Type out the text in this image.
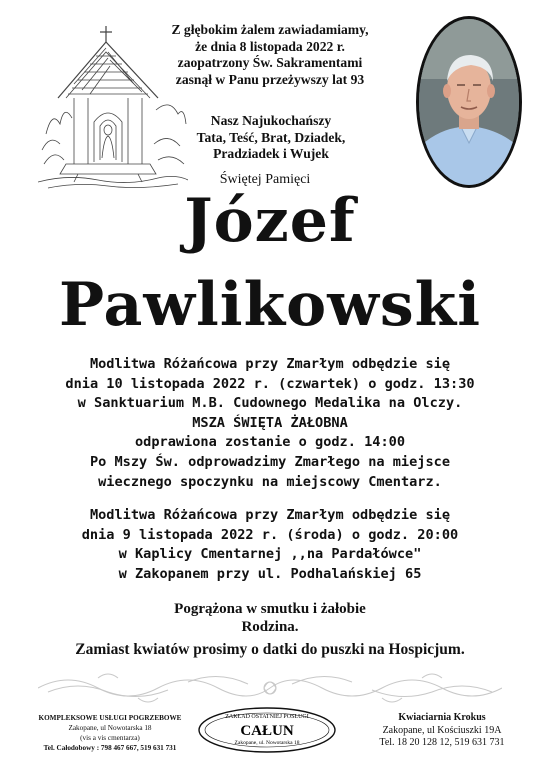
Z głębokim żalem zawiadamiamy,
że dnia 8 listopada 2022 r.
zaopatrzony Św. Sakramentami
zasnął w Panu przeżywszy lat 93
Nasz Najukochańszy
Tata, Teść, Brat, Dziadek,
Pradziadek i Wujek
Świętej Pamięci
Józef
Pawlikowski
Modlitwa Różańcowa przy Zmarłym odbędzie się
dnia 10 listopada 2022 r. (czwartek) o godz. 13:30
w Sanktuarium M.B. Cudownego Medalika na Olczy.
MSZA ŚWIĘTA ŻAŁOBNA
odprawiona zostanie o godz. 14:00
Po Mszy Św. odprowadzimy Zmarłego na miejsce
wiecznego spoczynku na miejscowy Cmentarz.
Modlitwa Różańcowa przy Zmarłym odbędzie się
dnia 9 listopada 2022 r. (środa) o godz. 20:00
w Kaplicy Cmentarnej ,,na Pardałówce"
w Zakopanem przy ul. Podhalańskiej 65
Pogrążona w smutku i żałobie
Rodzina.
Zamiast kwiatów prosimy o datki do puszki na Hospicjum.
KOMPLEKSOWE USŁUGI POGRZEBOWE
Zakopane, ul Nowotarska 18
(vis a vis cmentarza)
Tel. Całodobowy : 798 467 667, 519 631 731
ZAKŁAD OSTATNIEJ POSŁUGI
CAŁUN
Zakopane, ul. Nowotarska 18
Kwiaciarnia Krokus
Zakopane, ul Kościuszki 19A
Tel. 18 20 128 12, 519 631 731
